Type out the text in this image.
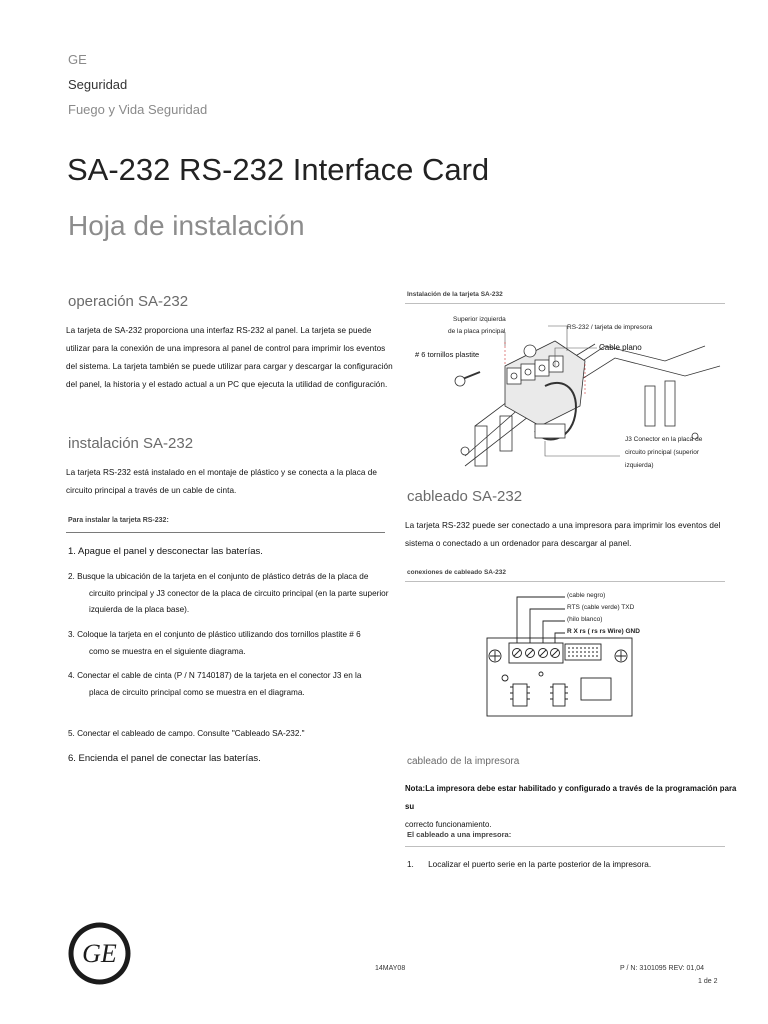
GE
Seguridad
Fuego y Vida Seguridad
SA-232 RS-232 Interface Card
Hoja de instalación
operación SA-232
La tarjeta de SA-232 proporciona una interfaz RS-232 al panel. La tarjeta se puede
utilizar para la conexión de una impresora al panel de control para imprimir los eventos
del sistema. La tarjeta también se puede utilizar para cargar y descargar la configuración
del panel, la historia y el estado actual a un PC que ejecuta la utilidad de configuración.
instalación SA-232
La tarjeta RS-232 está instalado en el montaje de plástico y se conecta a la placa de
circuito principal a través de un cable de cinta.
Para instalar la tarjeta RS-232:
1. Apague el panel y desconectar las baterías.
2. Busque la ubicación de la tarjeta en el conjunto de plástico detrás de la placa de
circuito principal y J3 conector de la placa de circuito principal (en la parte superior
izquierda de la placa base).
3. Coloque la tarjeta en el conjunto de plástico utilizando dos tornillos plastite # 6
como se muestra en el siguiente diagrama.
4. Conectar el cable de cinta (P / N 7140187) de la tarjeta en el conector J3 en la
placa de circuito principal como se muestra en el diagrama.
5. Conectar el cableado de campo. Consulte "Cableado SA-232."
6. Encienda el panel de conectar las baterías.
Instalación de la tarjeta SA-232
Superior izquierda
de la placa principal
RS-232 / tarjeta de impresora
Cable plano
# 6 tornillos plastite
J3 Conector en la placa de
circuito principal (superior
izquierda)
cableado SA-232
La tarjeta RS-232 puede ser conectado a una impresora para imprimir los eventos del
sistema o conectado a un ordenador para descargar al panel.
conexiones de cableado SA-232
(cable negro)
RTS (cable verde) TXD
(hilo blanco)
R X rs ( rs rs Wire) GND
cableado de la impresora
Nota:La impresora debe estar habilitado y configurado a través de la programación para su
correcto funcionamiento.
El cableado a una impresora:
1. Localizar el puerto serie en la parte posterior de la impresora.
GE
14MAY08	P / N: 3101095 REV: 01,04
1 de 2
